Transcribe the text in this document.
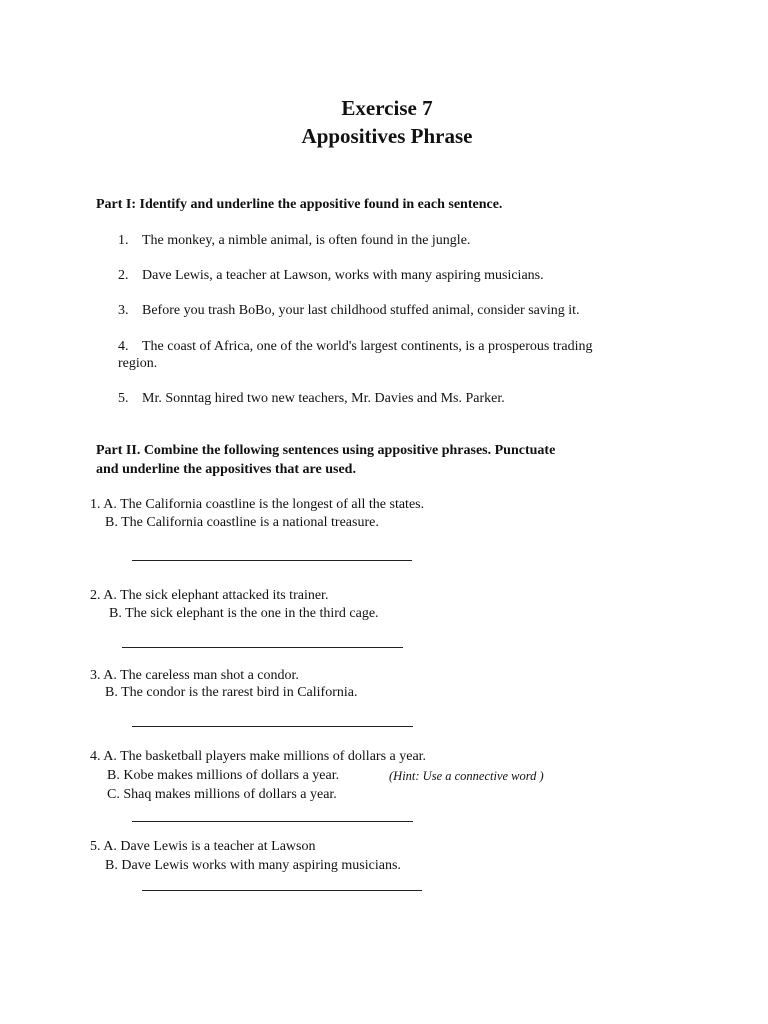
Exercise 7
Appositives Phrase
Part I: Identify and underline the appositive found in each sentence.
1. The monkey, a nimble animal, is often found in the jungle.
2. Dave Lewis, a teacher at Lawson, works with many aspiring musicians.
3. Before you trash BoBo, your last childhood stuffed animal, consider saving it.
4. The coast of Africa, one of the world's largest continents, is a prosperous trading
region.
5. Mr. Sonntag hired two new teachers, Mr. Davies and Ms. Parker.
Part II. Combine the following sentences using appositive phrases. Punctuate
and underline the appositives that are used.
1. A. The California coastline is the longest of all the states.
B. The California coastline is a national treasure.
2. A. The sick elephant attacked its trainer.
B. The sick elephant is the one in the third cage.
3. A. The careless man shot a condor.
B. The condor is the rarest bird in California.
4. A. The basketball players make millions of dollars a year.
B. Kobe makes millions of dollars a year.	(Hint: Use a connective word )
C. Shaq makes millions of dollars a year.
5. A. Dave Lewis is a teacher at Lawson
B. Dave Lewis works with many aspiring musicians.
